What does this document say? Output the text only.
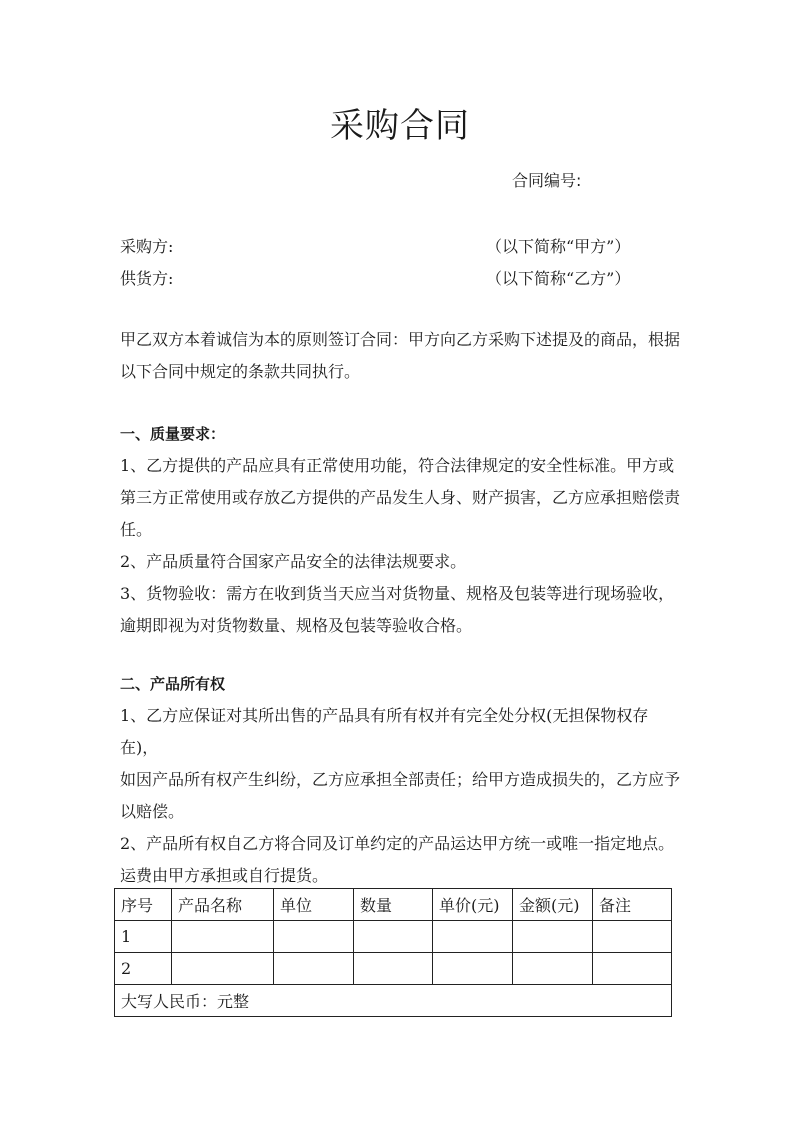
采购合同
合同编号:
采购方:	（以下简称“甲方”）
供货方:	（以下简称“乙方”）

甲乙双方本着诚信为本的原则签订合同：甲方向乙方采购下述提及的商品，根据

以下合同中规定的条款共同执行。

一、质量要求：

1、乙方提供的产品应具有正常使用功能，符合法律规定的安全性标准。甲方或

第三方正常使用或存放乙方提供的产品发生人身、财产损害，乙方应承担赔偿责

任。

2、产品质量符合国家产品安全的法律法规要求。

3、货物验收：需方在收到货当天应当对货物量、规格及包装等进行现场验收，

逾期即视为对货物数量、规格及包装等验收合格。

二、产品所有权

1、乙方应保证对其所出售的产品具有所有权并有完全处分权(无担保物权存在)，

如因产品所有权产生纠纷，乙方应承担全部责任；给甲方造成损失的，乙方应予

以赔偿。

2、产品所有权自乙方将合同及订单约定的产品运达甲方统一或唯一指定地点。

运费由甲方承担或自行提货。

序号	产品名称	单位	数量	单价(元)	金额(元)	备注
1						
2						
大写人民币：元整						
